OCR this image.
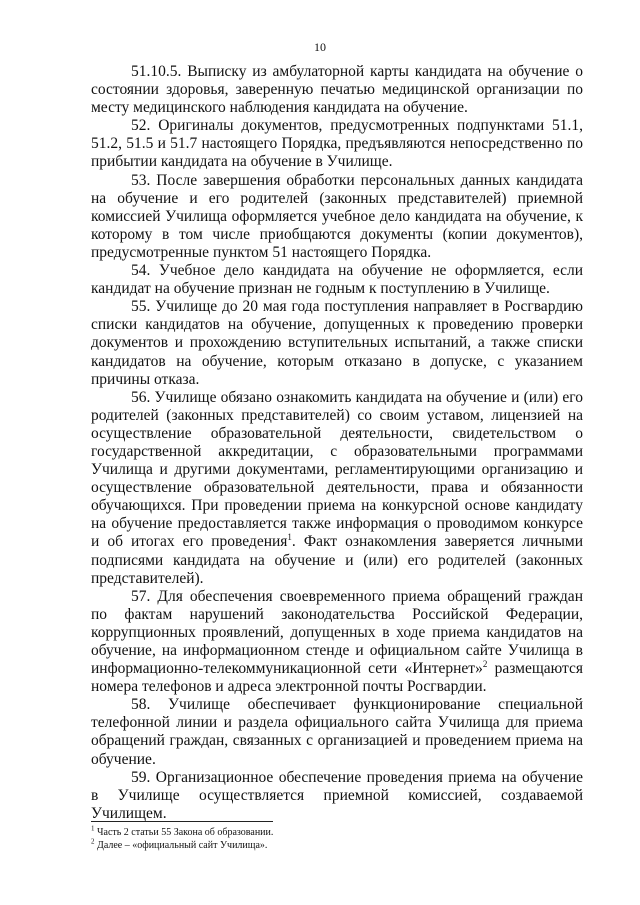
10

51.10.5. Выписку из амбулаторной карты кандидата на обучение о состоянии здоровья, заверенную печатью медицинской организации по месту медицинского наблюдения кандидата на обучение.

52. Оригиналы документов, предусмотренных подпунктами 51.1, 51.2, 51.5 и 51.7 настоящего Порядка, предъявляются непосредственно по прибытии кандидата на обучение в Училище.

53. После завершения обработки персональных данных кандидата на обучение и его родителей (законных представителей) приемной комиссией Училища оформляется учебное дело кандидата на обучение, к которому в том числе приобщаются документы (копии документов), предусмотренные пунктом 51 настоящего Порядка.

54. Учебное дело кандидата на обучение не оформляется, если кандидат на обучение признан не годным к поступлению в Училище.

55. Училище до 20 мая года поступления направляет в Росгвардию списки кандидатов на обучение, допущенных к проведению проверки документов и прохождению вступительных испытаний, а также списки кандидатов на обучение, которым отказано в допуске, с указанием причины отказа.

56. Училище обязано ознакомить кандидата на обучение и (или) его родителей (законных представителей) со своим уставом, лицензией на осуществление образовательной деятельности, свидетельством о государственной аккредитации, с образовательными программами Училища и другими документами, регламентирующими организацию и осуществление образовательной деятельности, права и обязанности обучающихся. При проведении приема на конкурсной основе кандидату на обучение предоставляется также информация о проводимом конкурсе и об итогах его проведения$^1$. Факт ознакомления заверяется личными подписями кандидата на обучение и (или) его родителей (законных представителей).

57. Для обеспечения своевременного приема обращений граждан по фактам нарушений законодательства Российской Федерации, коррупционных проявлений, допущенных в ходе приема кандидатов на обучение, на информационном стенде и официальном сайте Училища в информационно-телекоммуникационной сети «Интернет»$^2$ размещаются номера телефонов и адреса электронной почты Росгвардии.

58. Училище обеспечивает функционирование специальной телефонной линии и раздела официального сайта Училища для приема обращений граждан, связанных с организацией и проведением приема на обучение.

59. Организационное обеспечение проведения приема на обучение в Училище осуществляется приемной комиссией, создаваемой Училищем.

$^1$ Часть 2 статьи 55 Закона об образовании.

$^2$ Далее – «официальный сайт Училища».
